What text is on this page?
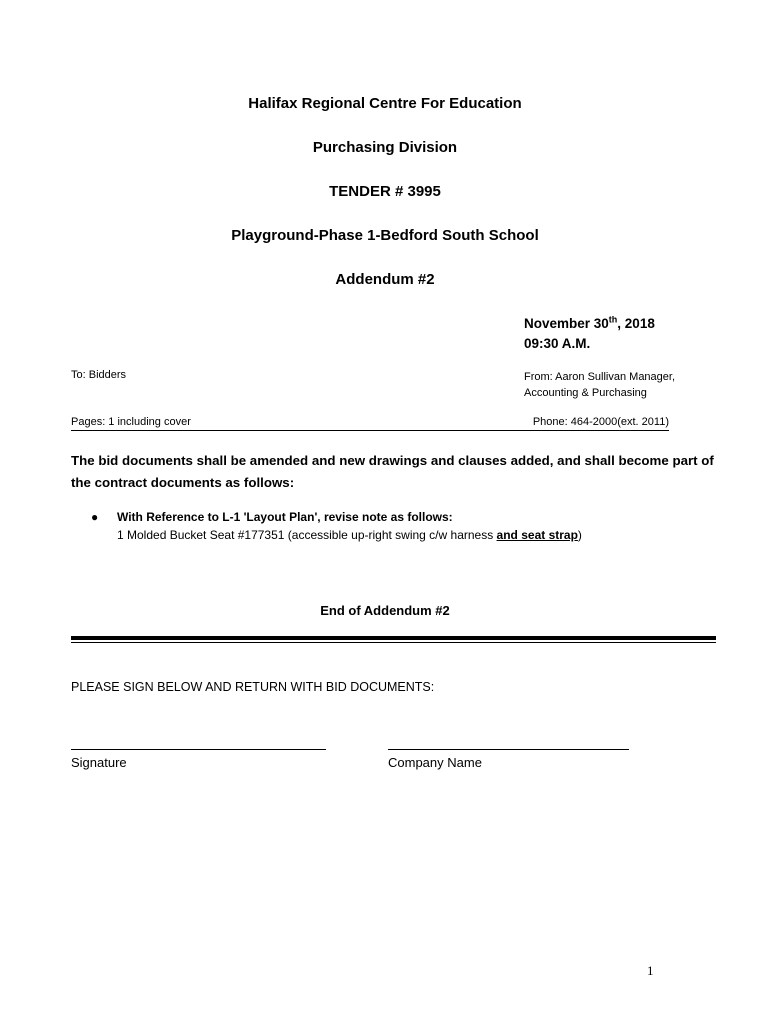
Halifax Regional Centre For Education
Purchasing Division
TENDER # 3995
Playground-Phase 1-Bedford South School
Addendum #2
November 30th, 2018
09:30 A.M.
To: Bidders	From: Aaron Sullivan Manager,
Accounting & Purchasing
Pages: 1 including cover	Phone: 464-2000(ext. 2011)
The bid documents shall be amended and new drawings and clauses added, and shall become part of the contract documents as follows:
● With Reference to L-1 'Layout Plan', revise note as follows:
1 Molded Bucket Seat #177351 (accessible up-right swing c/w harness and seat strap)
End of Addendum #2
PLEASE SIGN BELOW AND RETURN WITH BID DOCUMENTS:
Signature	Company Name
1
